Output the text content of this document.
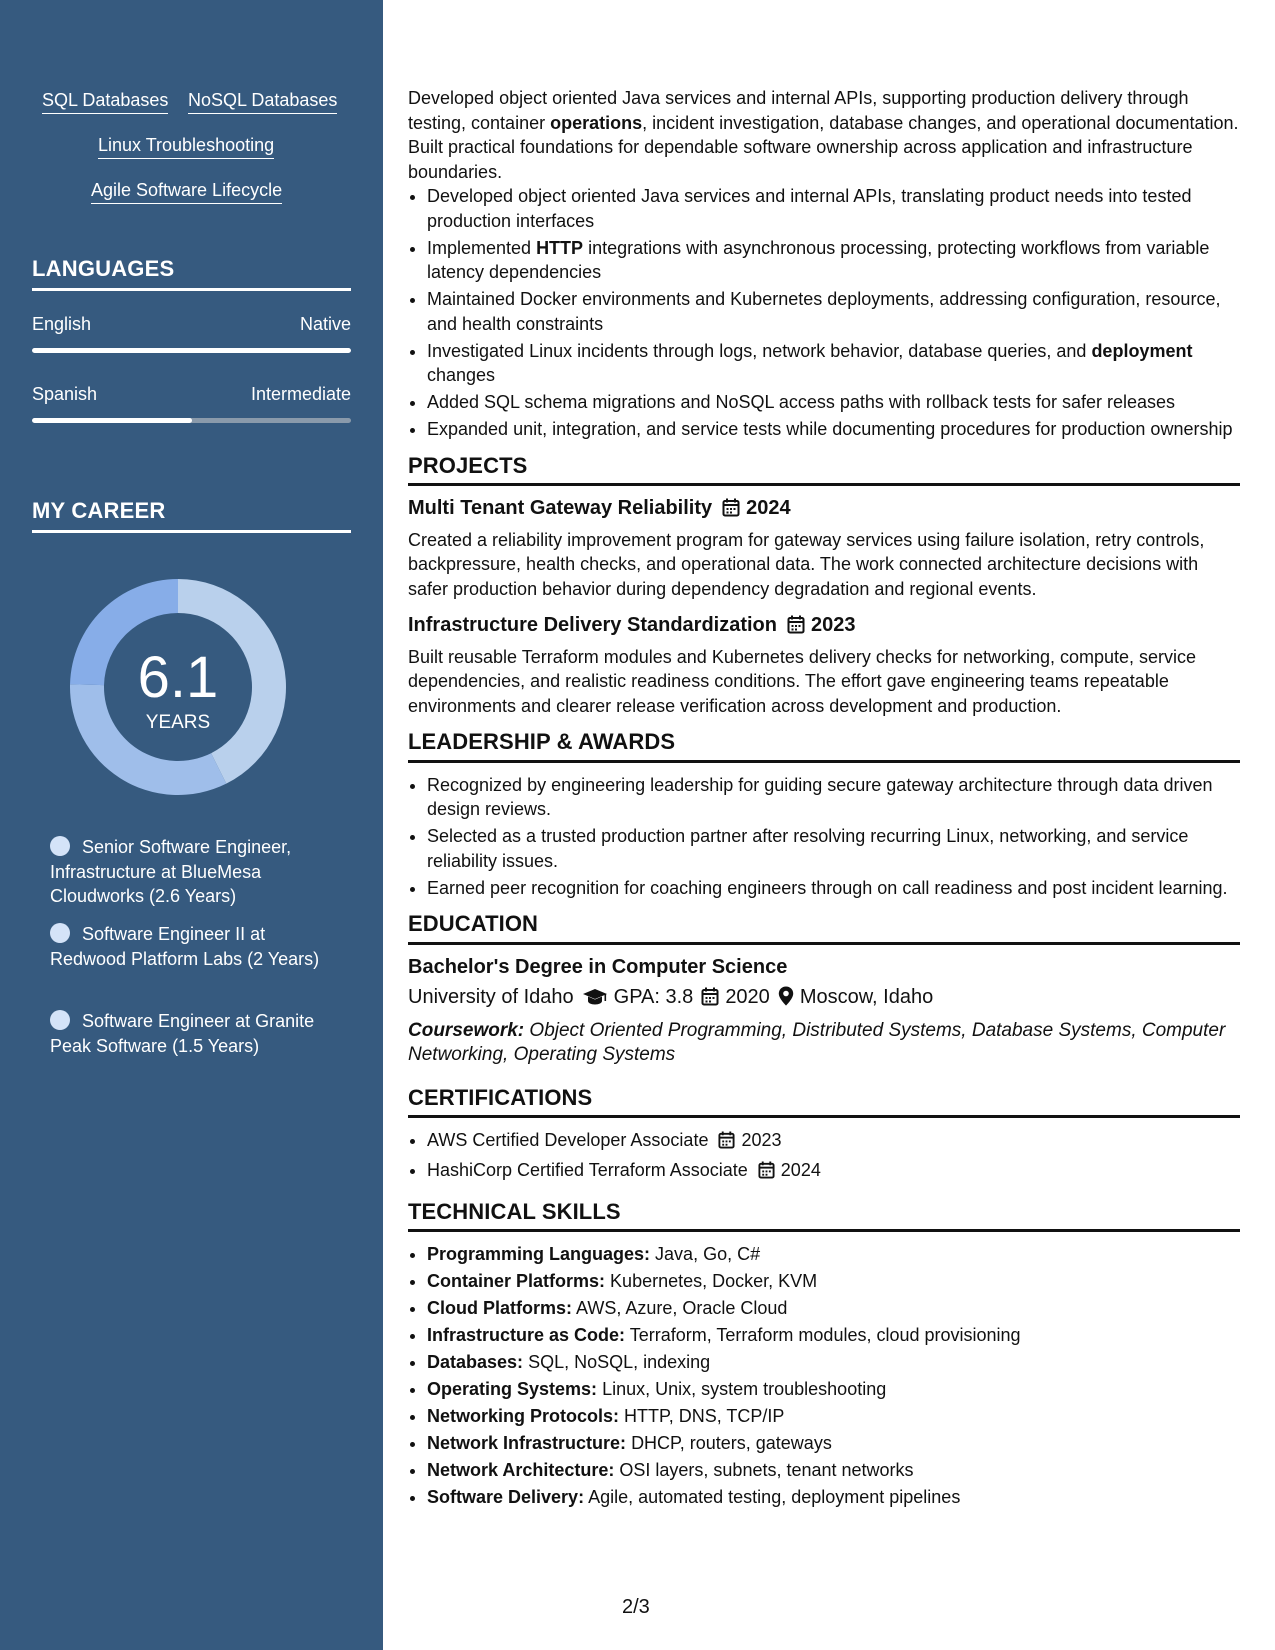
SQL Databases NoSQL Databases
Linux Troubleshooting
Agile Software Lifecycle
LANGUAGES
English	Native
Spanish	Intermediate
MY CAREER
6.1
YEARS
Senior Software Engineer, Infrastructure at BlueMesa Cloudworks (2.6 Years)
Software Engineer II at Redwood Platform Labs (2 Years)
Software Engineer at Granite Peak Software (1.5 Years)

Developed object oriented Java services and internal APIs, supporting production delivery through testing, container operations, incident investigation, database changes, and operational documentation. Built practical foundations for dependable software ownership across application and infrastructure boundaries.

• Developed object oriented Java services and internal APIs, translating product needs into tested production interfaces
• Implemented HTTP integrations with asynchronous processing, protecting workflows from variable latency dependencies
• Maintained Docker environments and Kubernetes deployments, addressing configuration, resource, and health constraints
• Investigated Linux incidents through logs, network behavior, database queries, and deployment changes
• Added SQL schema migrations and NoSQL access paths with rollback tests for safer releases
• Expanded unit, integration, and service tests while documenting procedures for production ownership
PROJECTS
Multi Tenant Gateway Reliability 2024

Created a reliability improvement program for gateway services using failure isolation, retry controls, backpressure, health checks, and operational data. The work connected architecture decisions with safer production behavior during dependency degradation and regional events.

Infrastructure Delivery Standardization 2023

Built reusable Terraform modules and Kubernetes delivery checks for networking, compute, service dependencies, and realistic readiness conditions. The effort gave engineering teams repeatable environments and clearer release verification across development and production.

LEADERSHIP & AWARDS
• Recognized by engineering leadership for guiding secure gateway architecture through data driven design reviews.
• Selected as a trusted production partner after resolving recurring Linux, networking, and service reliability issues.
• Earned peer recognition for coaching engineers through on call readiness and post incident learning.
EDUCATION
Bachelor's Degree in Computer Science
University of Idaho GPA: 3.8 2020 Moscow, Idaho
Coursework: Object Oriented Programming, Distributed Systems, Database Systems, Computer Networking, Operating Systems
CERTIFICATIONS
• AWS Certified Developer Associate 2023
• HashiCorp Certified Terraform Associate 2024
TECHNICAL SKILLS
• Programming Languages: Java, Go, C#
• Container Platforms: Kubernetes, Docker, KVM
• Cloud Platforms: AWS, Azure, Oracle Cloud
• Infrastructure as Code: Terraform, Terraform modules, cloud provisioning
• Databases: SQL, NoSQL, indexing
• Operating Systems: Linux, Unix, system troubleshooting
• Networking Protocols: HTTP, DNS, TCP/IP
• Network Infrastructure: DHCP, routers, gateways
• Network Architecture: OSI layers, subnets, tenant networks
• Software Delivery: Agile, automated testing, deployment pipelines
2/3
